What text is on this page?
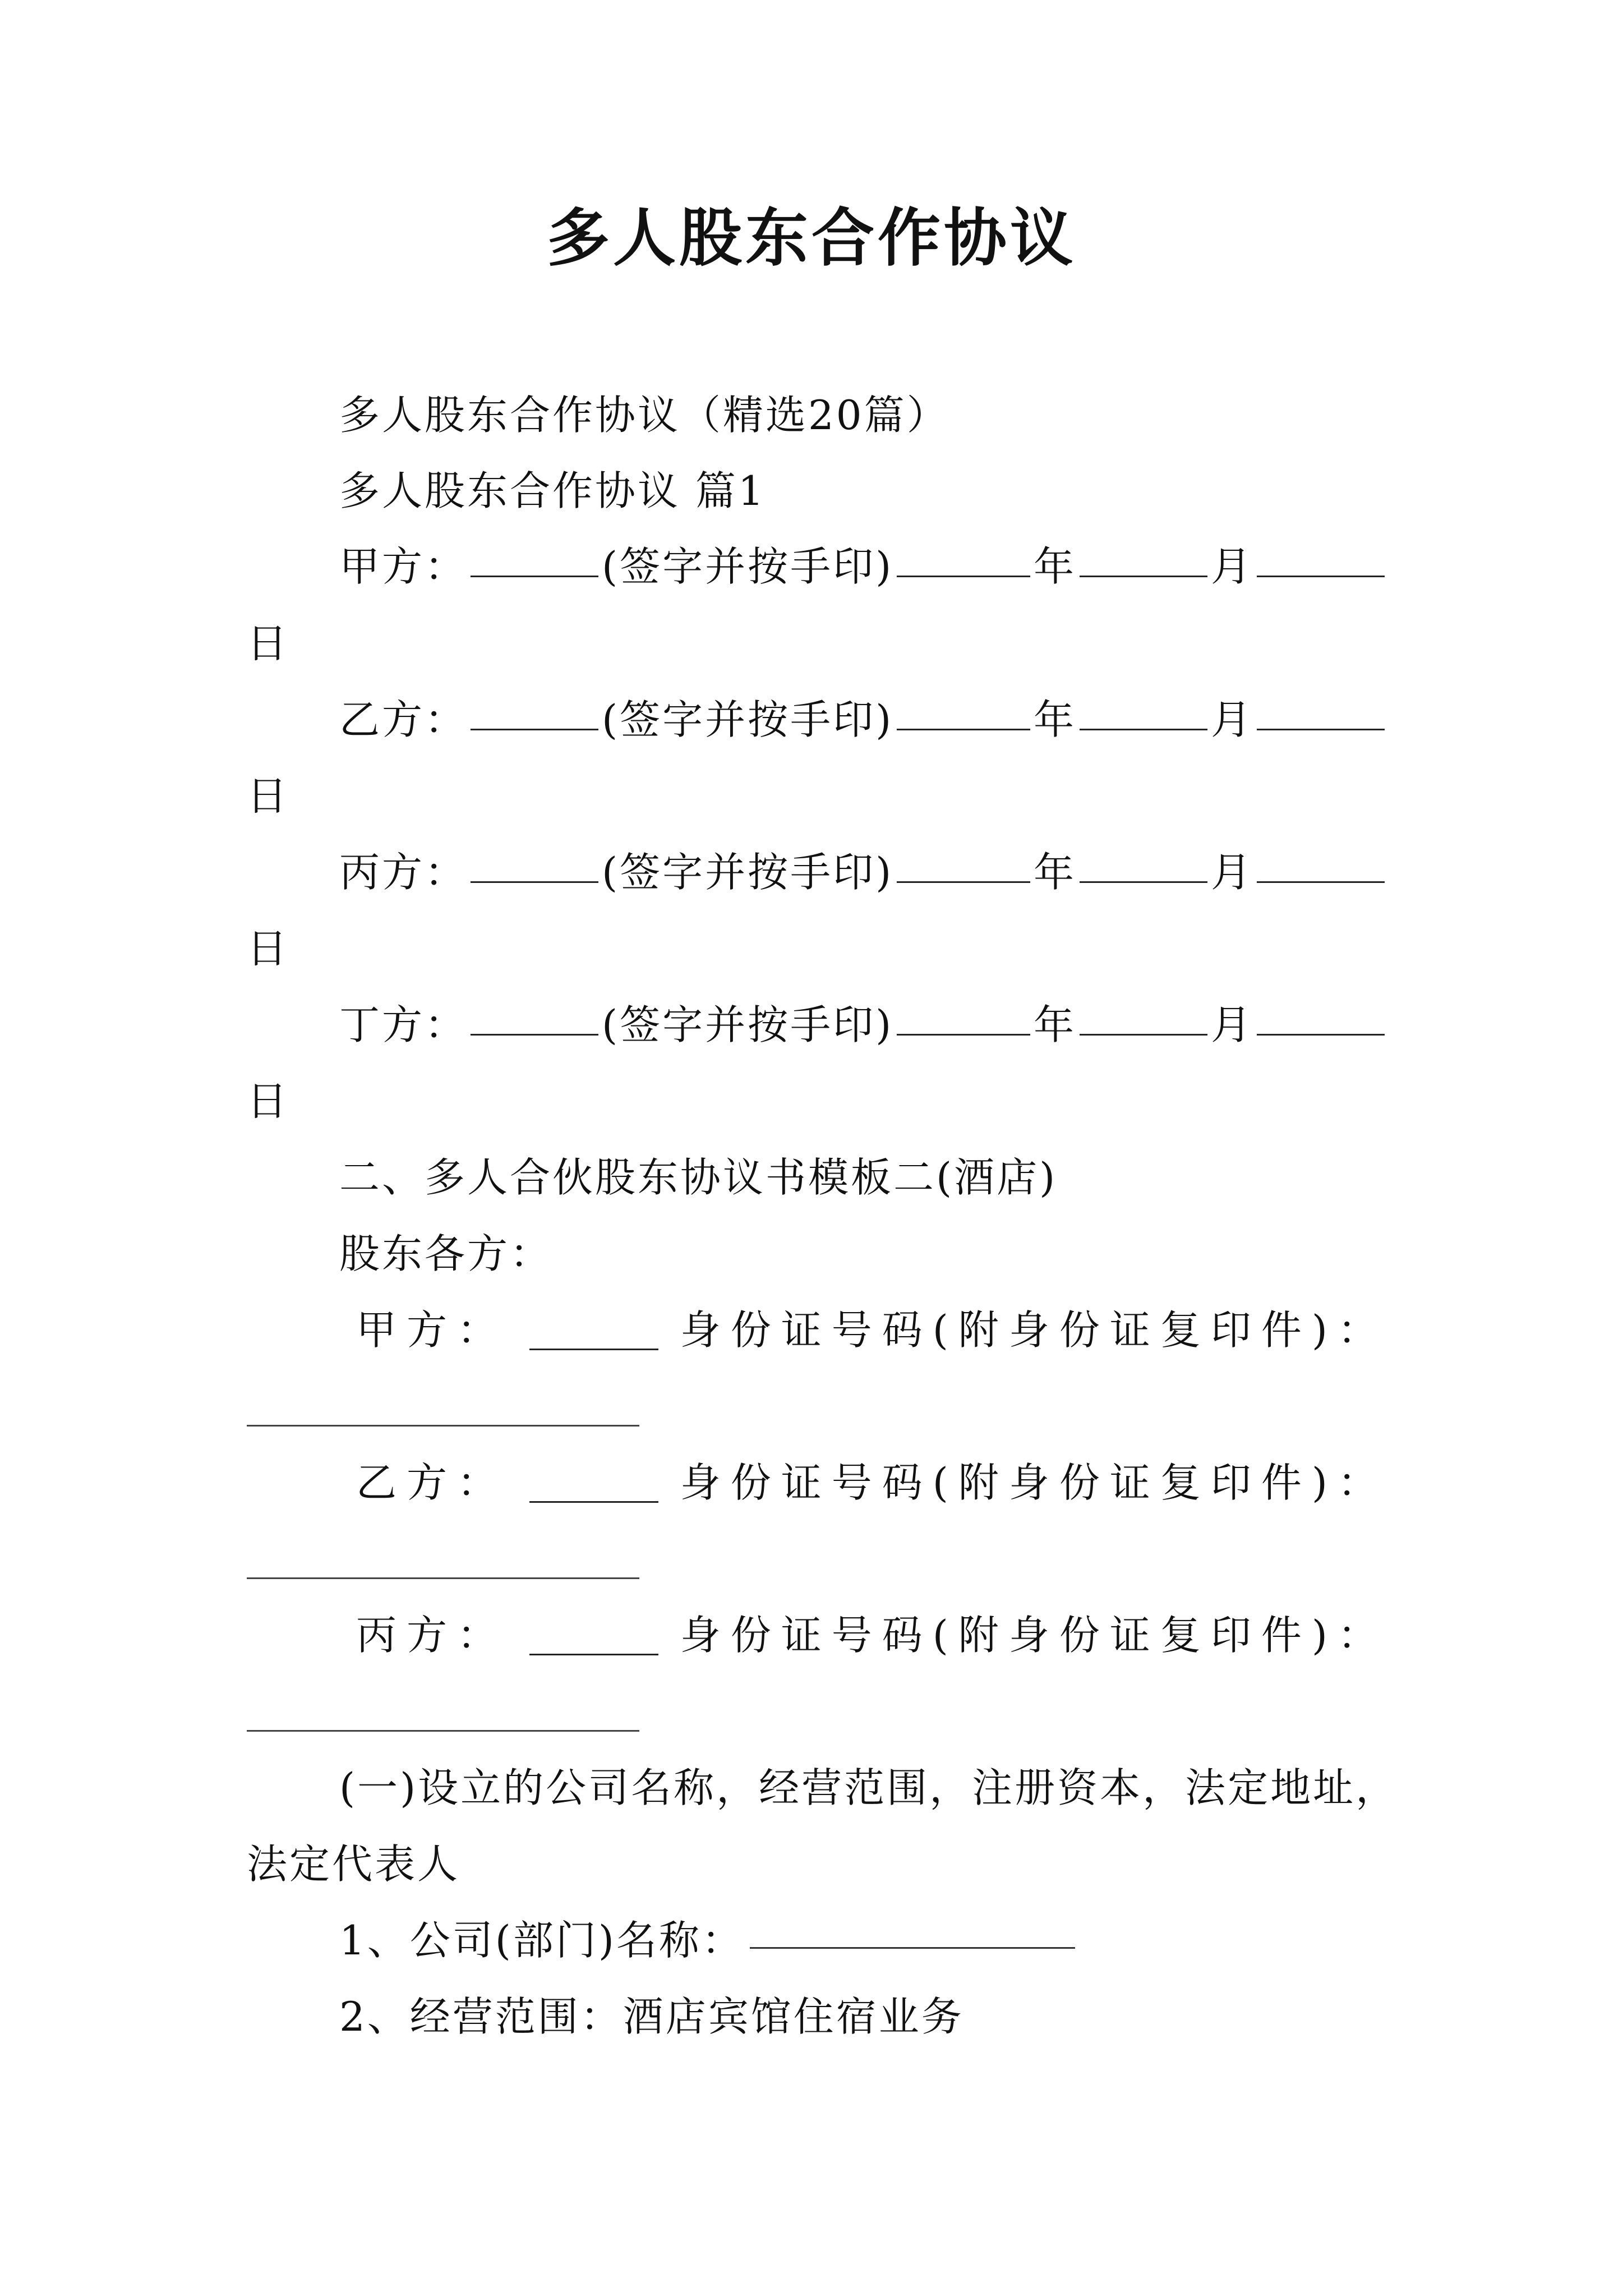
多人股东合作协议
多人股东合作协议（精选20篇）
多人股东合作协议 篇1
甲方：	(签字并按手印)	年	月
日
乙方：	(签字并按手印)	年	月
日
丙方：	(签字并按手印)	年	月
日
丁方：	(签字并按手印)	年	月
日
二、多人合伙股东协议书模板二(酒店)
股东各方：
甲方：	身份证号码(附身份证复印件)：
乙方：	身份证号码(附身份证复印件)：
丙方：	身份证号码(附身份证复印件)：
(一)设立的公司名称，经营范围，注册资本，法定地址，
法定代表人
1、公司(部门)名称：
2、经营范围：酒店宾馆住宿业务
